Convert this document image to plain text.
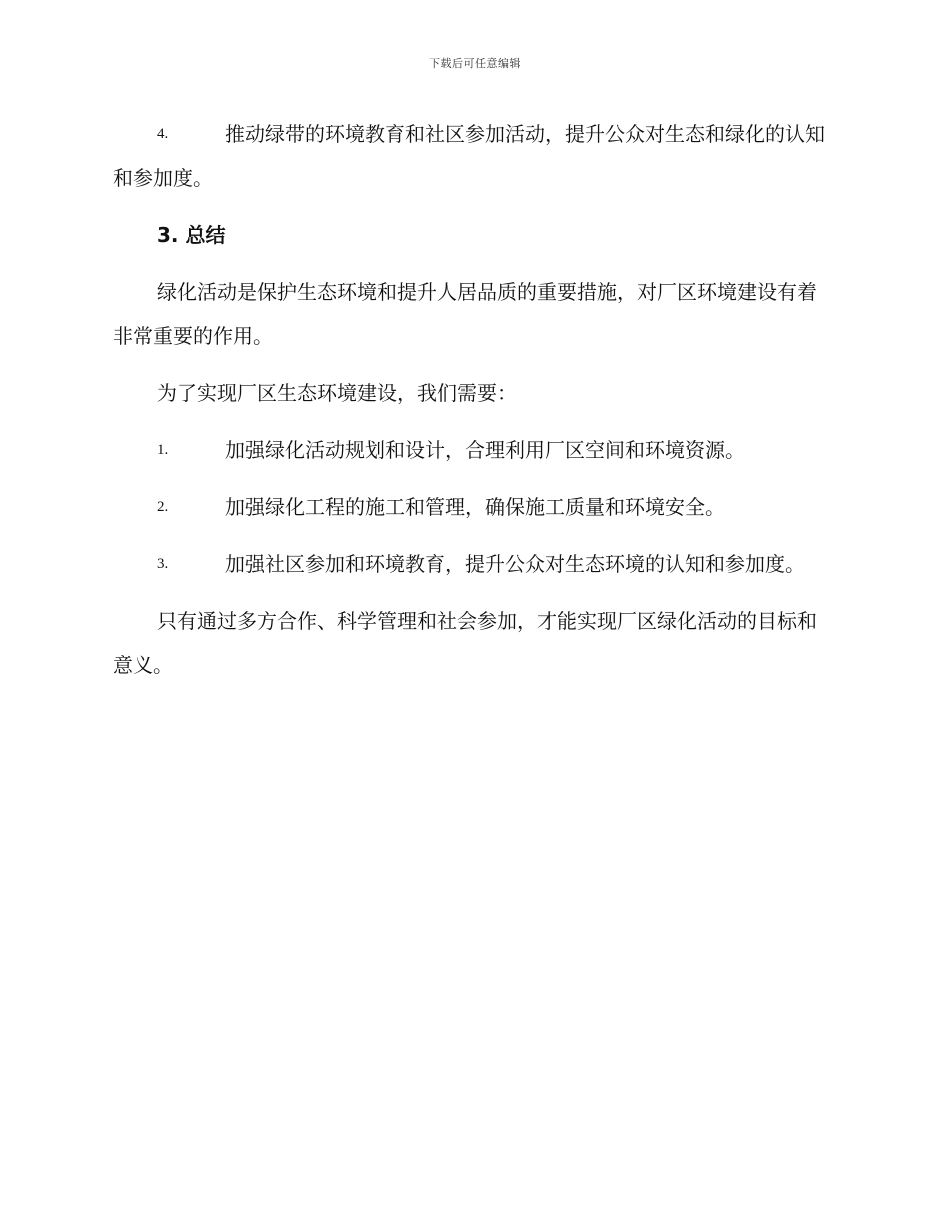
下载后可任意编辑
4.	推动绿带的环境教育和社区参加活动，提升公众对生态和绿化的认知和参加度。
3. 总结

绿化活动是保护生态环境和提升人居品质的重要措施，对厂区环境建设有着非常重要的作用。

为了实现厂区生态环境建设，我们需要：

1.	加强绿化活动规划和设计，合理利用厂区空间和环境资源。
2.	加强绿化工程的施工和管理，确保施工质量和环境安全。
3.	加强社区参加和环境教育，提升公众对生态环境的认知和参加度。

只有通过多方合作、科学管理和社会参加，才能实现厂区绿化活动的目标和意义。
